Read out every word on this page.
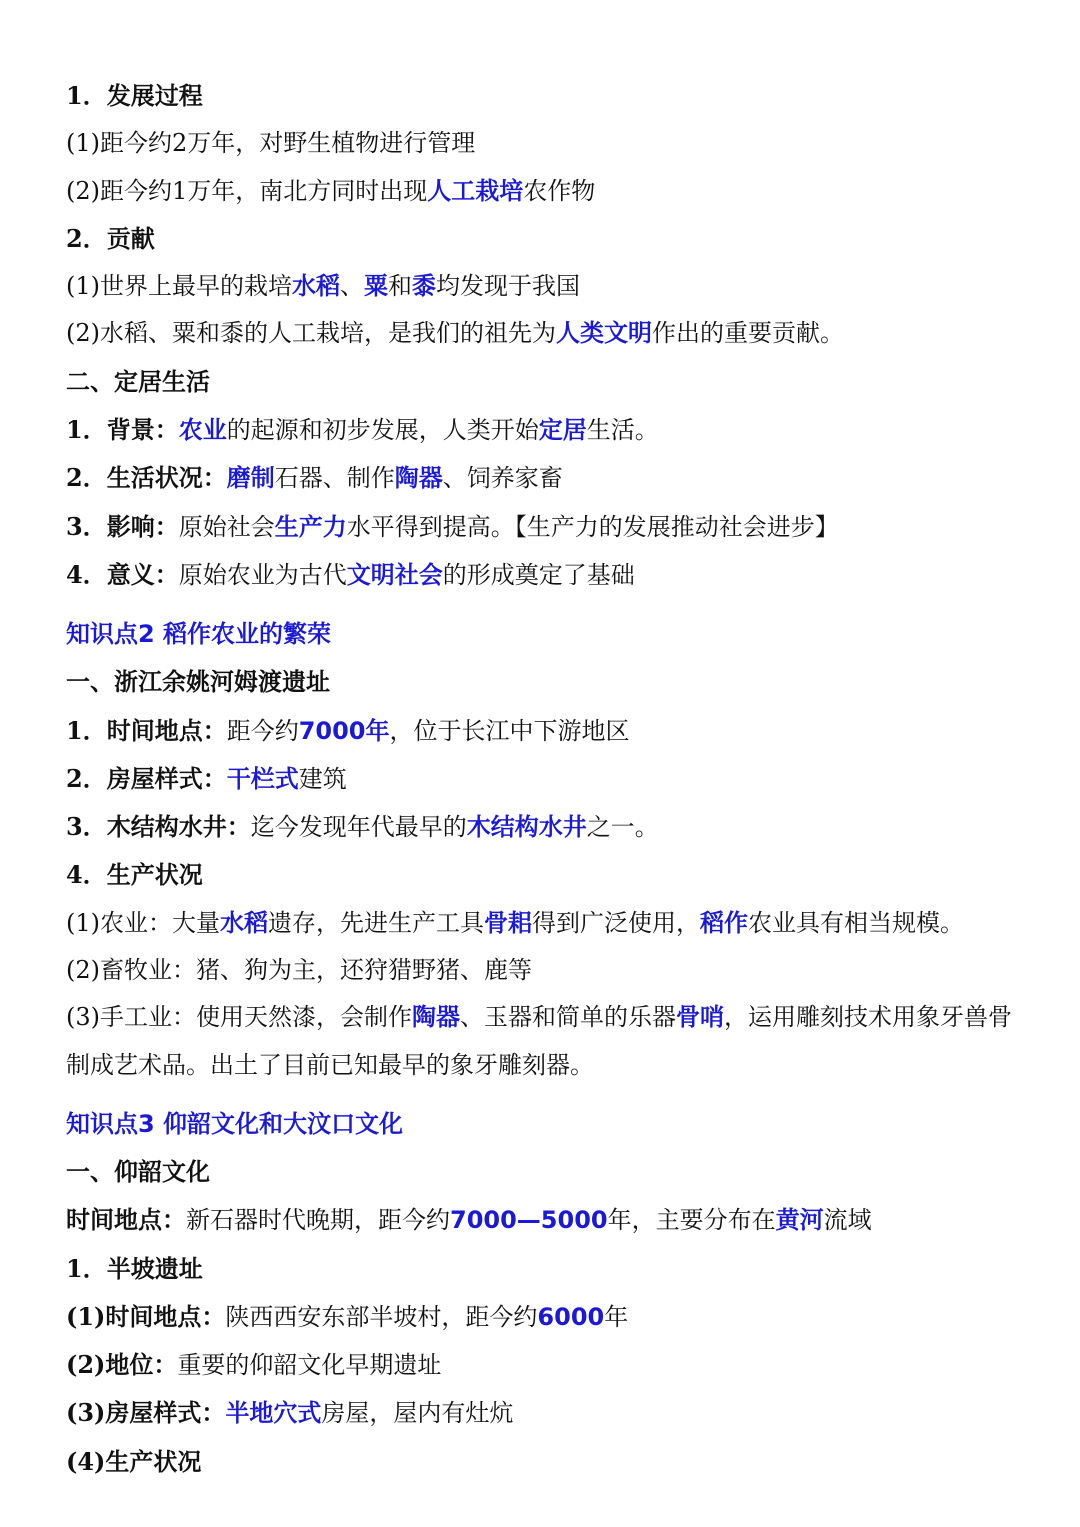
1．发展过程
(1)距今约2万年，对野生植物进行管理
(2)距今约1万年，南北方同时出现人工栽培农作物
2．贡献
(1)世界上最早的栽培水稻、粟和黍均发现于我国
(2)水稻、粟和黍的人工栽培，是我们的祖先为人类文明作出的重要贡献。
二、定居生活
1．背景：农业的起源和初步发展，人类开始定居生活。
2．生活状况：磨制石器、制作陶器、饲养家畜
3．影响：原始社会生产力水平得到提高。【生产力的发展推动社会进步】
4．意义：原始农业为古代文明社会的形成奠定了基础
知识点2 稻作农业的繁荣
一、浙江余姚河姆渡遗址
1．时间地点：距今约7000年，位于长江中下游地区
2．房屋样式：干栏式建筑
3．木结构水井：迄今发现年代最早的木结构水井之一。
4．生产状况
(1)农业：大量水稻遗存，先进生产工具骨耜得到广泛使用，稻作农业具有相当规模。
(2)畜牧业：猪、狗为主，还狩猎野猪、鹿等
(3)手工业：使用天然漆，会制作陶器、玉器和简单的乐器骨哨，运用雕刻技术用象牙兽骨制成艺术品。出土了目前已知最早的象牙雕刻器。
知识点3 仰韶文化和大汶口文化
一、仰韶文化
时间地点：新石器时代晚期，距今约7000—5000年，主要分布在黄河流域
1．半坡遗址
(1)时间地点：陕西西安东部半坡村，距今约6000年
(2)地位：重要的仰韶文化早期遗址
(3)房屋样式：半地穴式房屋，屋内有灶炕
(4)生产状况
